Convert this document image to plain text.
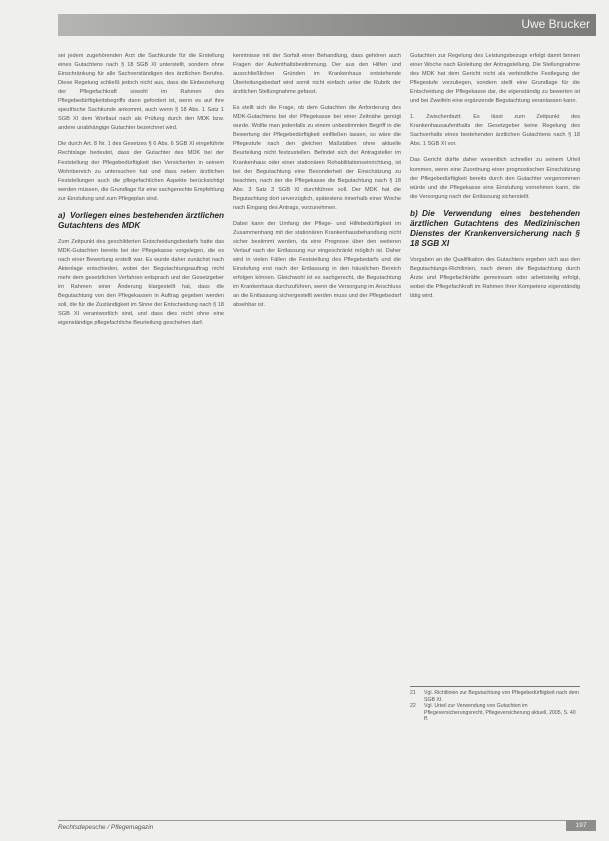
Uwe Brucker

sei jedem zugehörenden Arzt die Sachkunde für die Erstellung eines Gutachtens nach § 18 SGB XI unterstellt, sondern ohne Einschränkung für alle Sachverständigen des ärztlichen Berufes. Diese Regelung schließt jedoch nicht aus, dass die Einbeziehung der Pflegefachkraft sowohl im Rahmen des Pflegebedürftigkeitsbegriffs dann gefordert ist, wenn es auf ihre spezifische Sachkunde ankommt, auch wenn § 18 Abs. 1 Satz 1 SGB XI dem Wortlaut nach als Prüfung durch den MDK bzw. andere unabhängige Gutachter bezeichnet wird.

Die durch Art. 8 Nr. 1 des Gesetzes § 6 Abs. 6 SGB XI eingeführte Rechtslage bedeutet, dass der Gutachter des MDK bei der Feststellung der Pflegebedürftigkeit den Versicherten in seinem Wohnbereich zu untersuchen hat und dass neben ärztlichen Feststellungen auch die pflegefachlichen Aspekte berücksichtigt werden müssen, die Grundlage für eine sachgerechte Empfehlung zur Einstufung und zum Pflegeplan sind.

a) Vorliegen eines bestehenden ärztlichen Gutachtens des MDK

Zum Zeitpunkt des geschilderten Entscheidungsbedarfs hatte das MDK-Gutachten bereits bei der Pflegekasse vorgelegen, die es nach einer Bewertung erstellt war. Es wurde daher zunächst nach Aktenlage entschieden, wobei der Begutachtungsauftrag nicht mehr dem gesetzlichen Verfahren entsprach und der Gesetzgeber im Rahmen einer Änderung klargestellt hat, dass die Begutachtung von den Pflegekassen in Auftrag gegeben werden soll, die für die Zuständigkeit im Sinne der Entscheidung nach § 18 SGB XI verantwortlich sind, und dass dies nicht ohne eine eigenständige pflegefachliche Beurteilung geschehen darf.

kenntnisse mit der Sorfalt einer Behandlung, dass gehören auch Fragen der Aufenthaltsbestimmung. Der aus den Hilfen und ausschließlichen Gründen im Krankenhaus entstehende Überleitungsbedarf wird somit nicht einfach unter die Rubrik der ärztlichen Stellungnahme gefasst.

Es stellt sich die Frage, ob dem Gutachten die Anforderung des MDK-Gutachtens bei der Pflegekasse bei einer Zeitnähe genügt wurde. Wollte man jedenfalls zu einem unbestimmten Begriff in die Bewertung der Pflegebedürftigkeit einfließen lassen, so wäre die Pflegestufe nach den gleichen Maßstäben ohne aktuelle Beurteilung nicht festzustellen. Befindet sich der Antragsteller im Krankenhaus oder einer stationären Rehabilitationseinrichtung, ist bei der Begutachtung eine Besonderheit der Einschätzung zu beachten, nach der die Pflegekasse die Begutachtung nach § 18 Abs. 3 Satz 3 SGB XI durchführen soll. Der MDK hat die Begutachtung dort unverzüglich, spätestens innerhalb einer Woche nach Eingang des Antrags, vorzunehmen.

Dabei kann der Umfang der Pflege- und Hilfebedürftigkeit im Zusammenhang mit der stationären Krankenhausbehandlung nicht sicher bestimmt werden, da eine Prognose über den weiteren Verlauf nach der Entlassung nur eingeschränkt möglich ist. Daher wird in vielen Fällen die Feststellung des Pflegebedarfs und die Einstufung erst nach der Entlassung in den häuslichen Bereich erfolgen können. Gleichwohl ist es sachgerecht, die Begutachtung im Krankenhaus durchzuführen, wenn die Versorgung im Anschluss an die Entlassung sichergestellt werden muss und der Pflegebedarf absehbar ist.

Gutachten zur Regelung des Leistungsbezugs erfolgt damit binnen einer Woche nach Einleitung der Antragstellung. Die Stellungnahme des MDK hat dem Gericht nicht als verbindliche Festlegung der Pflegestufe vorzuliegen, sondern stellt eine Grundlage für die Entscheidung der Pflegekasse dar, die eigenständig zu bewerten ist und bei Zweifeln eine ergänzende Begutachtung veranlassen kann.

1. Zwischenfazit: Es lässt zum Zeitpunkt des Krankenhausaufenthalts der Gesetzgeber keine Regelung des Sachverhalts eines bestehenden ärztlichen Gutachtens nach § 18 Abs. 1 SGB XI vor.

Das Gericht dürfte daher wesentlich schneller zu seinem Urteil kommen, wenn eine Zuordnung einer prognostischen Einschätzung der Pflegebedürftigkeit bereits durch den Gutachter vorgenommen würde und die Pflegekasse eine Einstufung vornehmen kann, die die Versorgung nach der Entlassung sicherstellt.

b) Die Verwendung eines bestehenden ärztlichen Gutachtens des Medizinischen Dienstes der Krankenversicherung nach § 18 SGB XI

Vorgaben an die Qualifikation des Gutachters ergeben sich aus den Begutachtungs-Richtlinien, nach denen die Begutachtung durch Ärzte und Pflegefachkräfte gemeinsam oder arbeitsteilig erfolgt, wobei die Pflegefachkraft im Rahmen ihrer Kompetenz eigenständig tätig wird.

21	Vgl. Richtlinien zur Begutachtung von Pflegebedürftigkeit nach dem SGB XI.
22	Vgl. Urteil zur Verwendung von Gutachten im Pflegeversicherungsrecht, Pflegeversicherung aktuell, 2005, S. 40 ff.
Rechtsdepesche / Pflegemagazin	197
